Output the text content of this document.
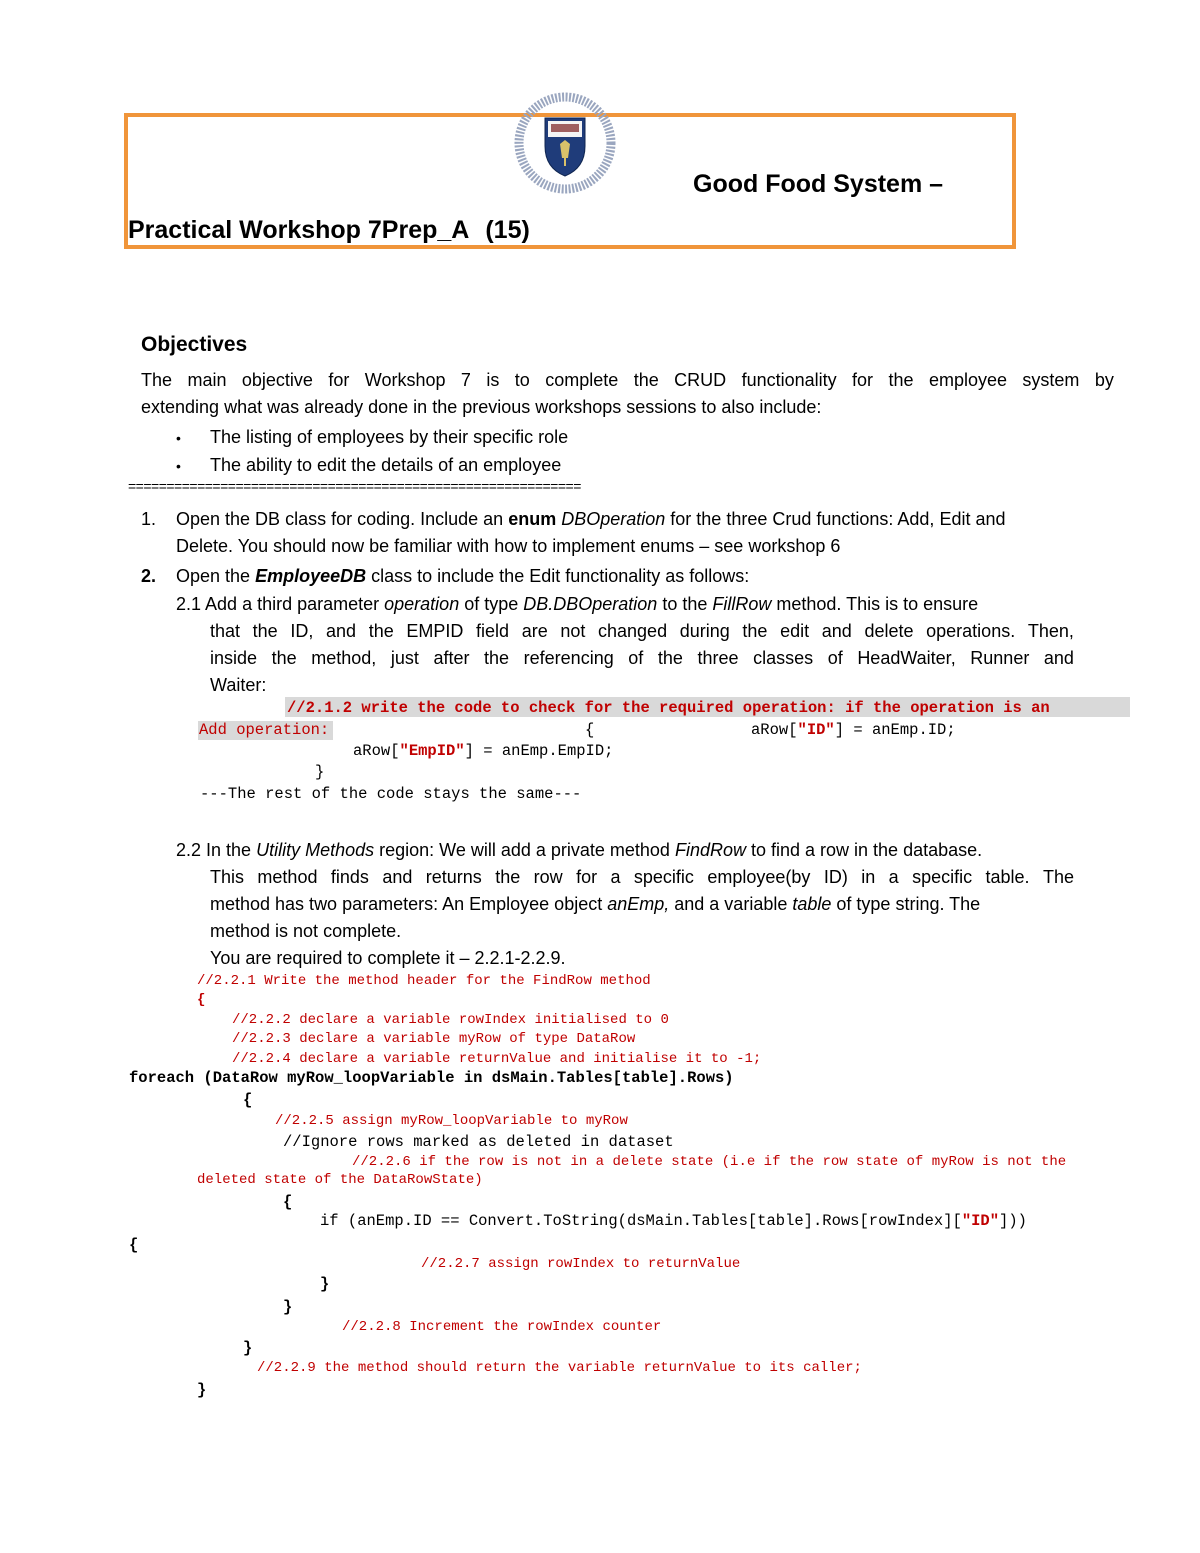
Good Food System –
Practical Workshop 7Prep_A (15)
Objectives
The main objective for Workshop 7 is to complete the CRUD functionality for the employee system by
extending what was already done in the previous workshops sessions to also include:
• The listing of employees by their specific role
• The ability to edit the details of an employee
===========================================================
1. Open the DB class for coding. Include an enum DBOperation for the three Crud functions: Add, Edit and
Delete. You should now be familiar with how to implement enums – see workshop 6
2. Open the EmployeeDB class to include the Edit functionality as follows:
2.1 Add a third parameter operation of type DB.DBOperation to the FillRow method. This is to ensure
that the ID, and the EMPID field are not changed during the edit and delete operations. Then,
inside the method, just after the referencing of the three classes of HeadWaiter, Runner and
Waiter:
//2.1.2 write the code to check for the required operation: if the operation is an
Add operation:	{	aRow["ID"] = anEmp.ID;
aRow["EmpID"] = anEmp.EmpID;
}
---The rest of the code stays the same---
2.2 In the Utility Methods region: We will add a private method FindRow to find a row in the database.
This method finds and returns the row for a specific employee(by ID) in a specific table. The
method has two parameters: An Employee object anEmp, and a variable table of type string. The
method is not complete.
You are required to complete it – 2.2.1-2.2.9.
//2.2.1 Write the method header for the FindRow method
{
//2.2.2 declare a variable rowIndex initialised to 0
//2.2.3 declare a variable myRow of type DataRow
//2.2.4 declare a variable returnValue and initialise it to -1;
foreach (DataRow myRow_loopVariable in dsMain.Tables[table].Rows)
{
//2.2.5 assign myRow_loopVariable to myRow
//Ignore rows marked as deleted in dataset
//2.2.6 if the row is not in a delete state (i.e if the row state of myRow is not the
deleted state of the DataRowState)
{
if (anEmp.ID == Convert.ToString(dsMain.Tables[table].Rows[rowIndex]["ID"]))
{
//2.2.7 assign rowIndex to returnValue
}
}
//2.2.8 Increment the rowIndex counter
}
//2.2.9 the method should return the variable returnValue to its caller;
}
